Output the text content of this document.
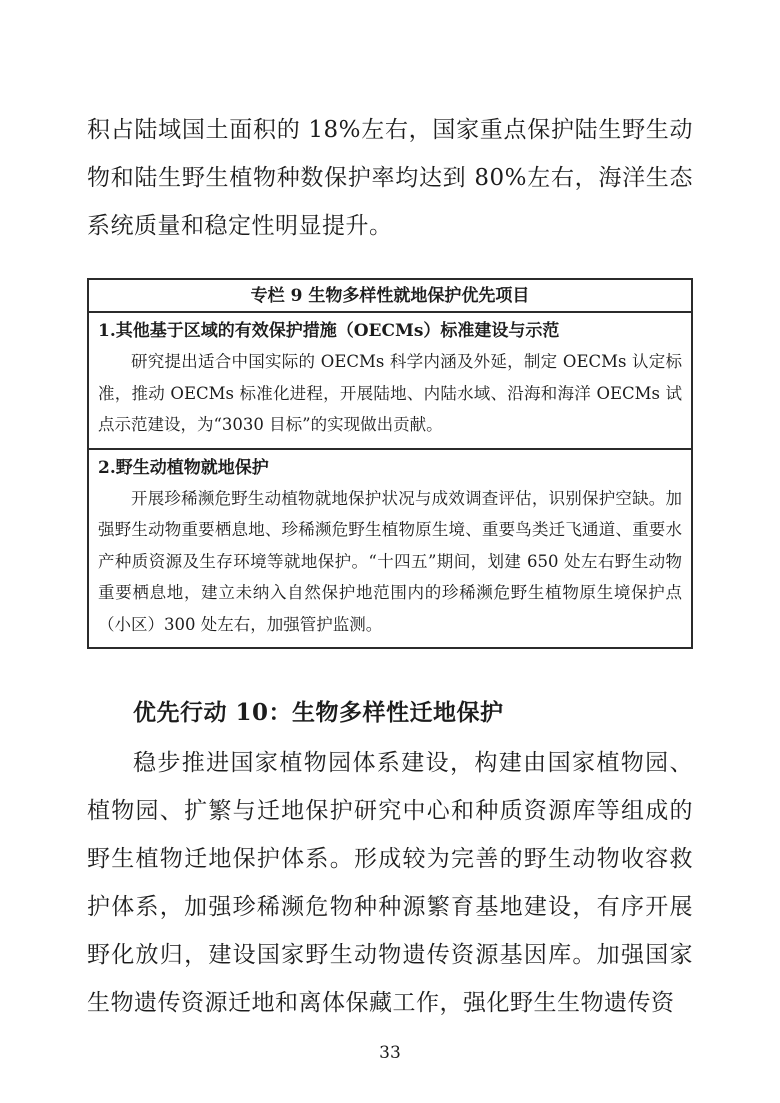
积占陆域国土面积的 18%左右，国家重点保护陆生野生动物和陆生野生植物种数保护率均达到 80%左右，海洋生态系统质量和稳定性明显提升。

专栏 9 生物多样性就地保护优先项目

1.其他基于区域的有效保护措施（OECMs）标准建设与示范

研究提出适合中国实际的 OECMs 科学内涵及外延，制定 OECMs 认定标准，推动 OECMs 标准化进程，开展陆地、内陆水域、沿海和海洋 OECMs 试点示范建设，为“3030 目标”的实现做出贡献。

2.野生动植物就地保护

开展珍稀濒危野生动植物就地保护状况与成效调查评估，识别保护空缺。加强野生动物重要栖息地、珍稀濒危野生植物原生境、重要鸟类迁飞通道、重要水产种质资源及生存环境等就地保护。“十四五”期间，划建 650 处左右野生动物重要栖息地，建立未纳入自然保护地范围内的珍稀濒危野生植物原生境保护点（小区）300 处左右，加强管护监测。

优先行动 10：生物多样性迁地保护

稳步推进国家植物园体系建设，构建由国家植物园、植物园、扩繁与迁地保护研究中心和种质资源库等组成的野生植物迁地保护体系。形成较为完善的野生动物收容救护体系，加强珍稀濒危物种种源繁育基地建设，有序开展野化放归，建设国家野生动物遗传资源基因库。加强国家生物遗传资源迁地和离体保藏工作，强化野生生物遗传资

33
